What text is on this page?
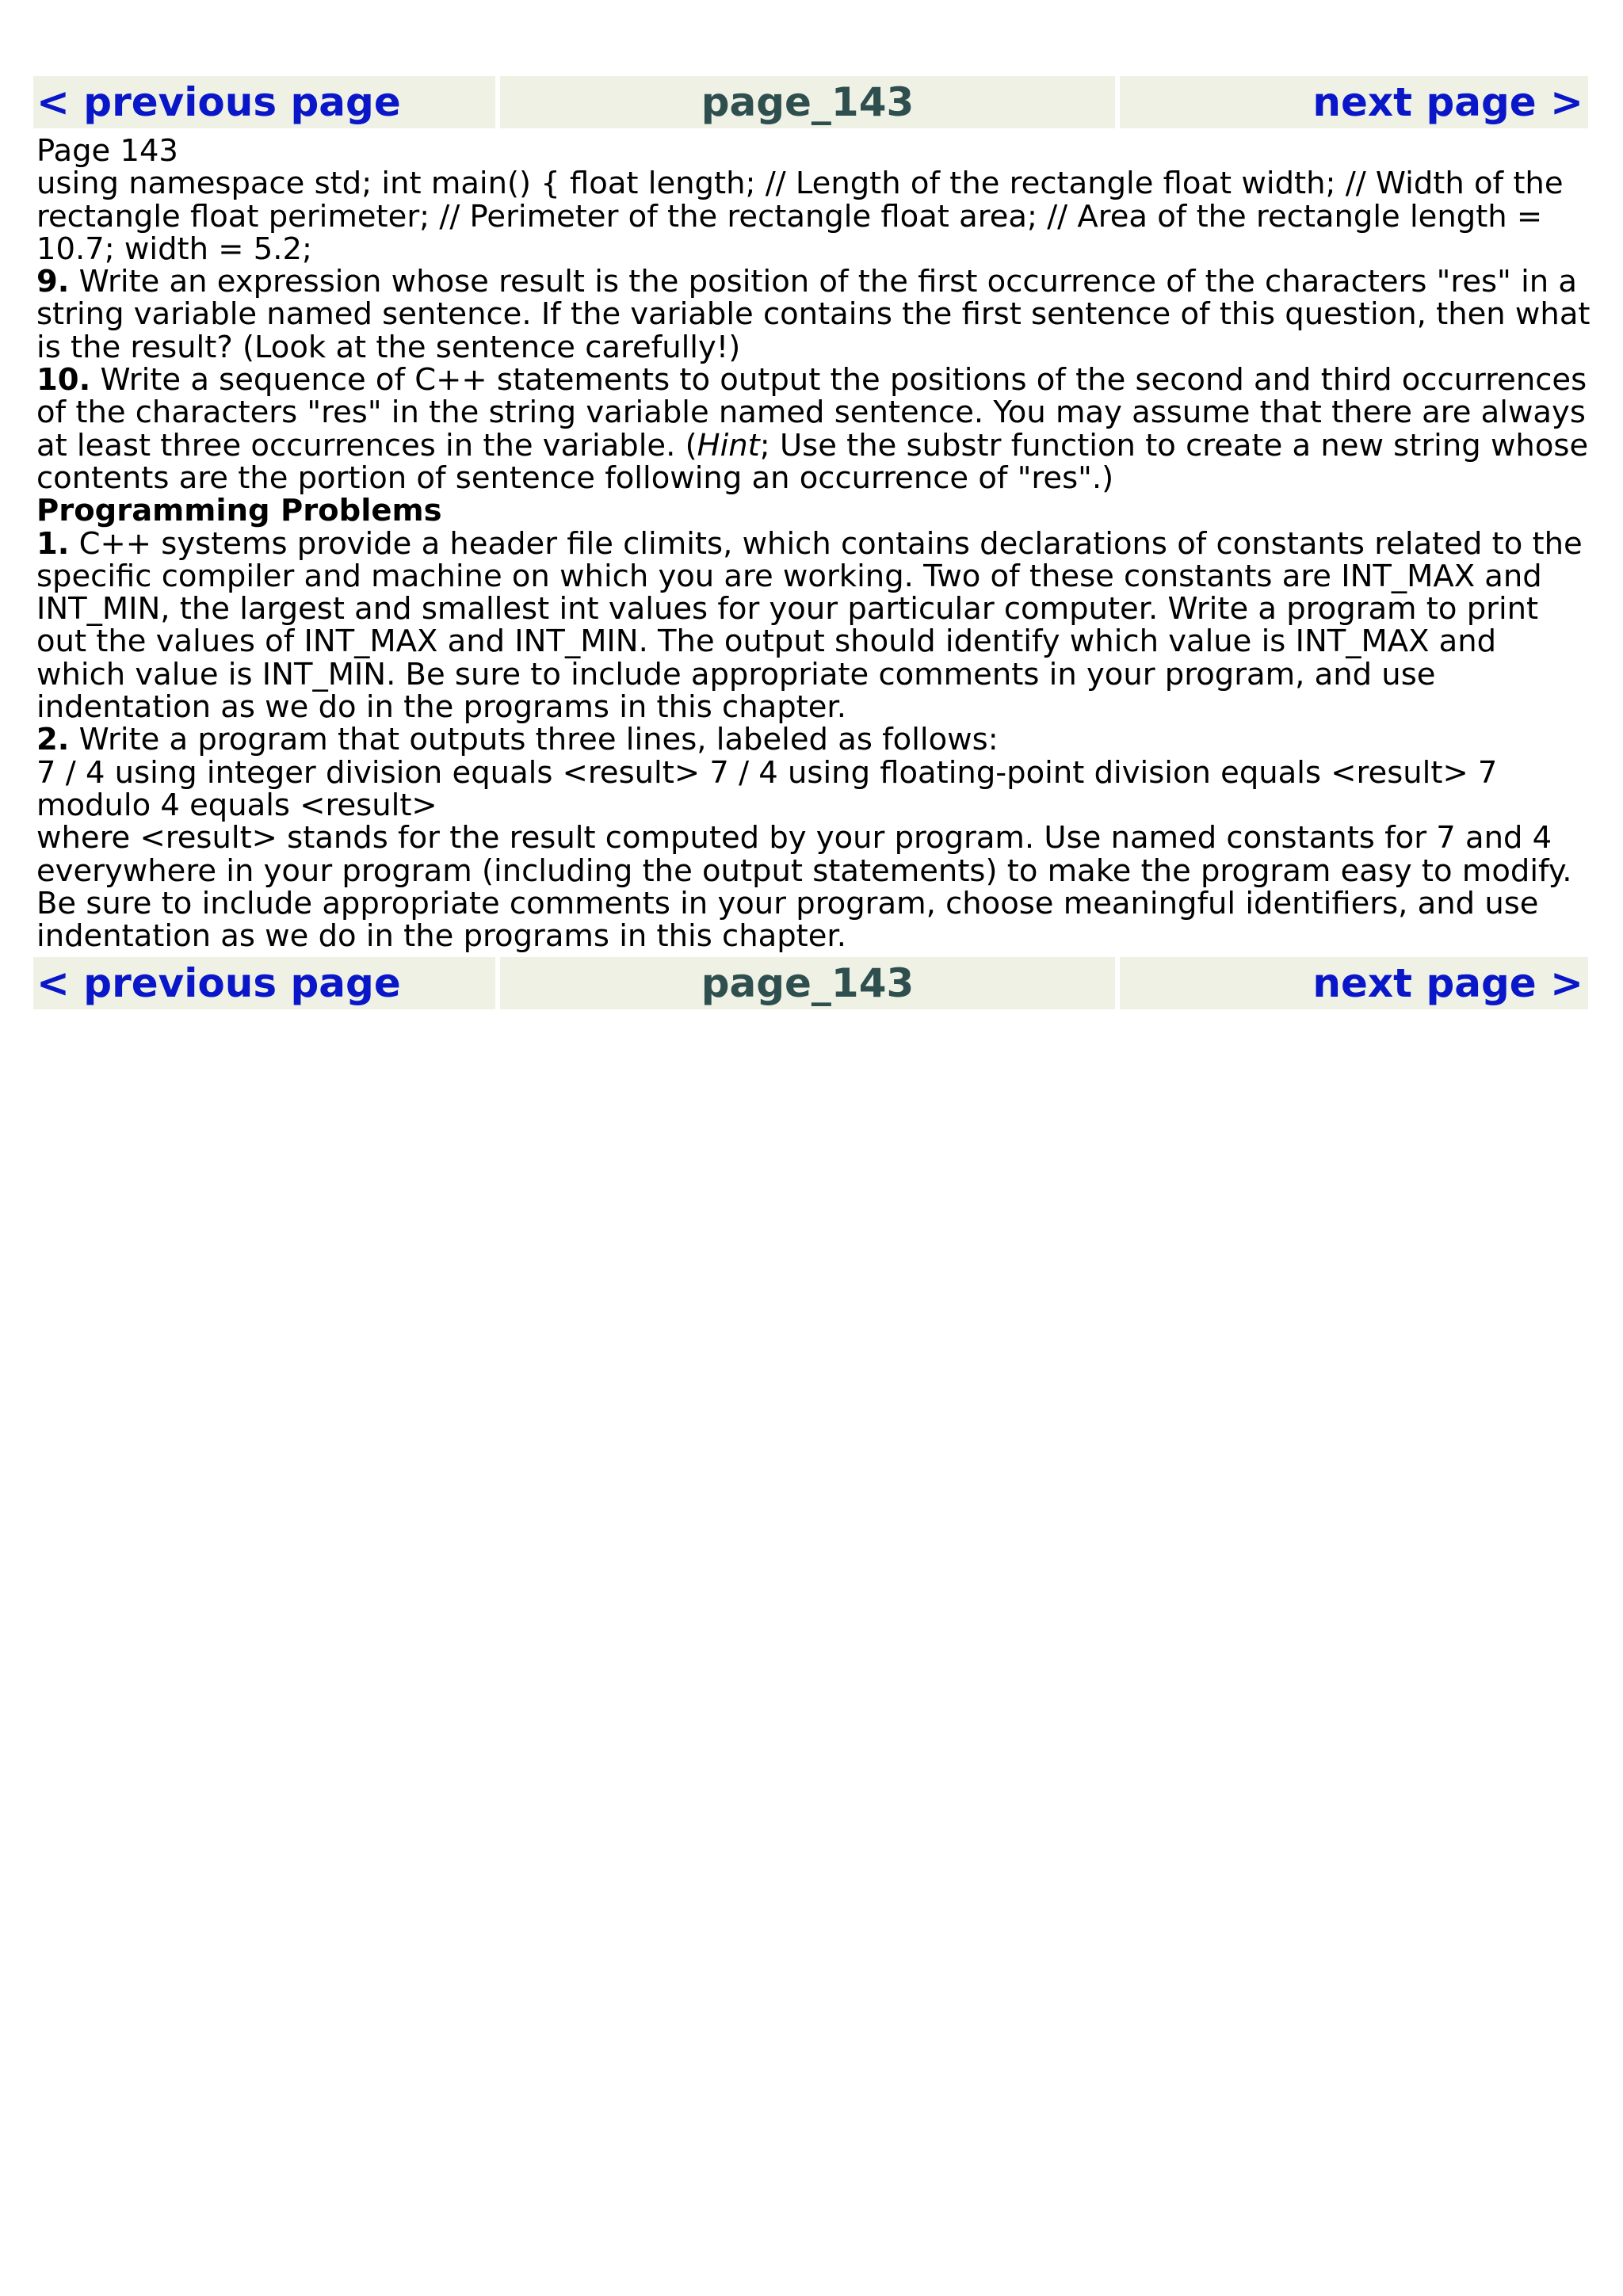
< previous page	page_143	next page >

Page 143

using namespace std; int main() { float length; // Length of the rectangle float width; // Width of the rectangle float perimeter; // Perimeter of the rectangle float area; // Area of the rectangle length = 10.7; width = 5.2;

9. Write an expression whose result is the position of the first occurrence of the characters "res" in a string variable named sentence. If the variable contains the first sentence of this question, then what is the result? (Look at the sentence carefully!)

10. Write a sequence of C++ statements to output the positions of the second and third occurrences of the characters "res" in the string variable named sentence. You may assume that there are always at least three occurrences in the variable. (Hint; Use the substr function to create a new string whose contents are the portion of sentence following an occurrence of "res".)

Programming Problems

1. C++ systems provide a header file climits, which contains declarations of constants related to the specific compiler and machine on which you are working. Two of these constants are INT_MAX and INT_MIN, the largest and smallest int values for your particular computer. Write a program to print out the values of INT_MAX and INT_MIN. The output should identify which value is INT_MAX and which value is INT_MIN. Be sure to include appropriate comments in your program, and use indentation as we do in the programs in this chapter.

2. Write a program that outputs three lines, labeled as follows:

7 / 4 using integer division equals <result> 7 / 4 using floating-point division equals <result> 7 modulo 4 equals <result>

where <result> stands for the result computed by your program. Use named constants for 7 and 4 everywhere in your program (including the output statements) to make the program easy to modify. Be sure to include appropriate comments in your program, choose meaningful identifiers, and use indentation as we do in the programs in this chapter.

< previous page	page_143	next page >
